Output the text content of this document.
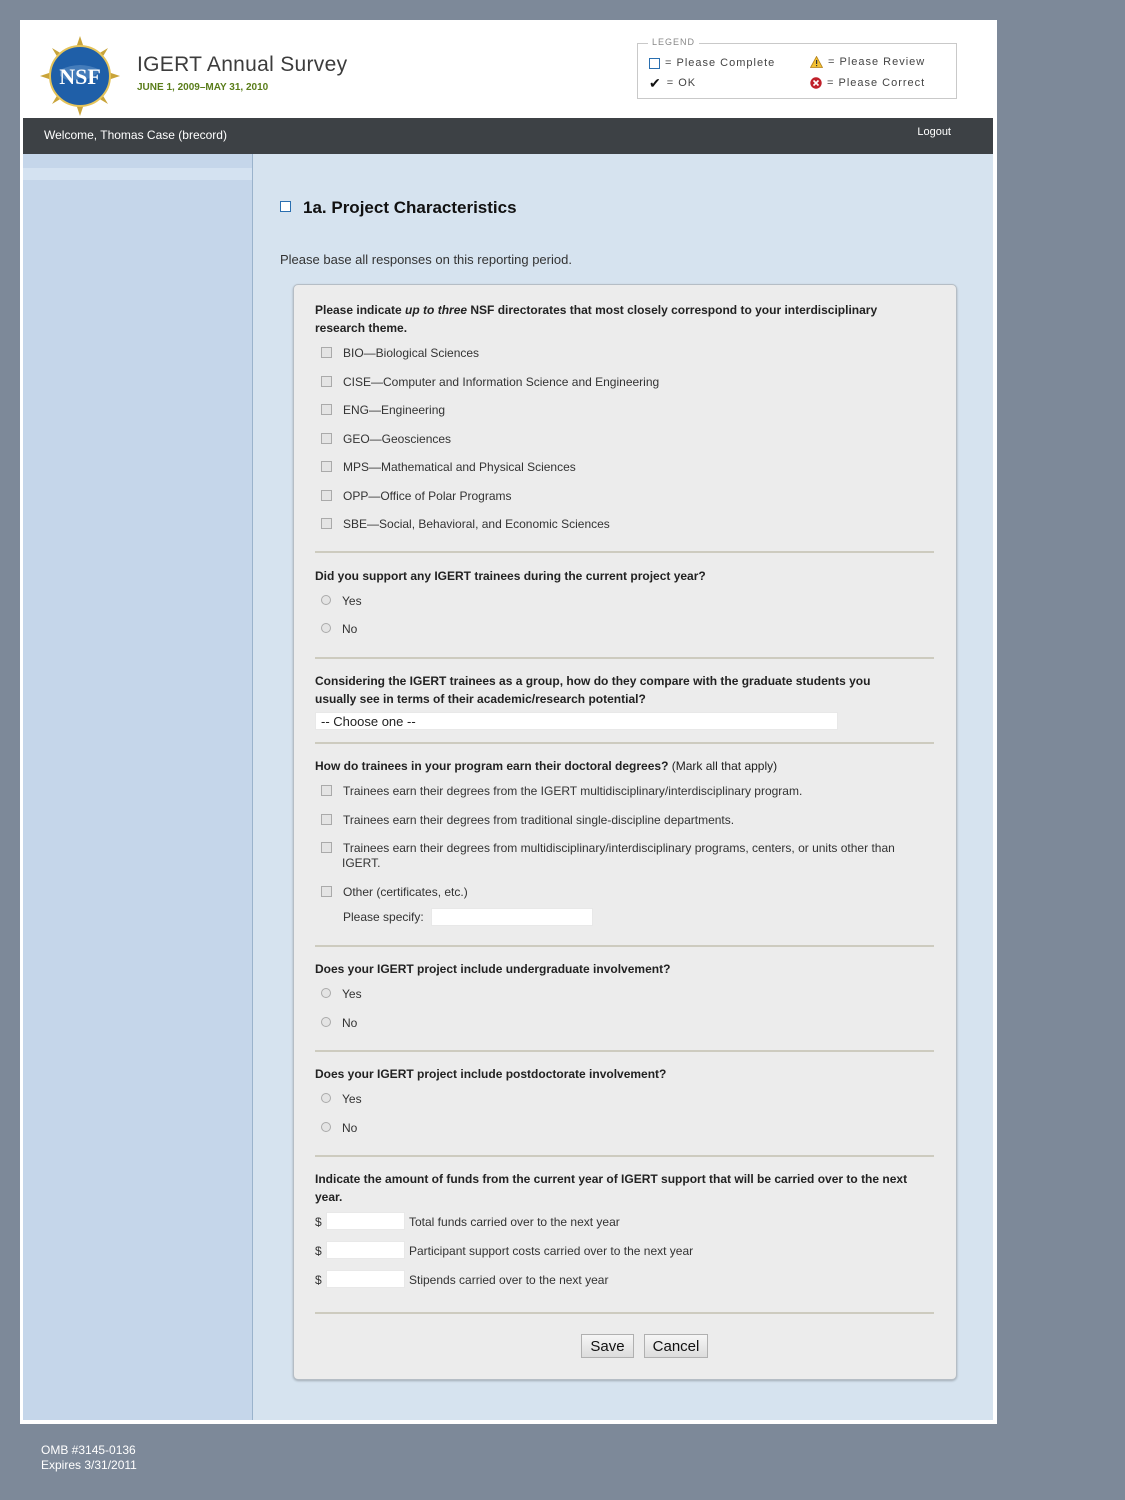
NSF IGERT Annual Survey
JUNE 1, 2009–MAY 31, 2010
LEGEND
= Please Complete
✔ = OK
= Please Review
= Please Correct
Welcome, Thomas Case (brecord)	Logout
1a. Project Characteristics
Please base all responses on this reporting period.
Please indicate up to three NSF directorates that most closely correspond to your interdisciplinary research theme.
BIO—Biological Sciences
CISE—Computer and Information Science and Engineering
ENG—Engineering
GEO—Geosciences
MPS—Mathematical and Physical Sciences
OPP—Office of Polar Programs
SBE—Social, Behavioral, and Economic Sciences
Did you support any IGERT trainees during the current project year?
Yes
No
Considering the IGERT trainees as a group, how do they compare with the graduate students you usually see in terms of their academic/research potential?
-- Choose one --
How do trainees in your program earn their doctoral degrees? (Mark all that apply)
Trainees earn their degrees from the IGERT multidisciplinary/interdisciplinary program.
Trainees earn their degrees from traditional single-discipline departments.
Trainees earn their degrees from multidisciplinary/interdisciplinary programs, centers, or units other than IGERT.
Other (certificates, etc.)
Please specify:
Does your IGERT project include undergraduate involvement?
Yes
No
Does your IGERT project include postdoctorate involvement?
Yes
No
Indicate the amount of funds from the current year of IGERT support that will be carried over to the next year.
$	Total funds carried over to the next year
$	Participant support costs carried over to the next year
$	Stipends carried over to the next year
Save	Cancel
OMB #3145-0136
Expires 3/31/2011
